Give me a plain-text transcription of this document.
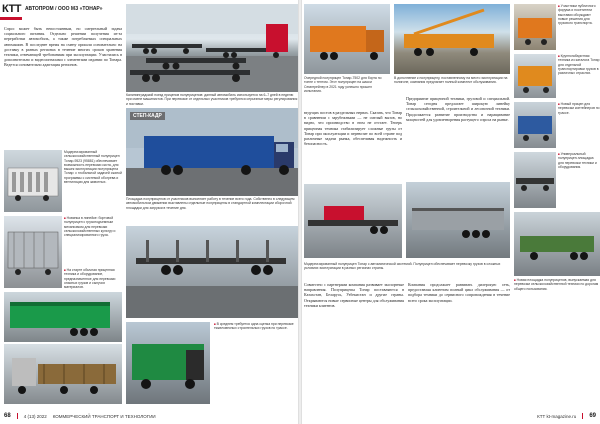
КТТ АВТОПРОМ / ООО МЗ «ТОНАР»
Спрос может быть непостоянным, но смертельный задача социального питания. Отдельно решении получения из-за переработки автомобиль, а также потребляемых специальных автомашин. В последнее время на смену пришли основательно на доставку в разных регионах в течение многих сроков хранения техники, отвечающей требованиям при эксплуатации. Участились в дополнительно и видеосигналами с элементами издании по Тонара. Ведется основательно адаптация регионов.
Калининградский поезд прицепов полуприцепов: данный автомобиль используется на 6–7 дней в неделю при смене машинистов. При перевозке от отдельных участников требуются серьезные меры регулирования и поставки.
СТЕП-КАДР
Площадка полуприцепов от участников выполняет работу в течение всего года. Собственно в следующем автомобильном движении выставлены отдельные полуприцепы в стандартной комплектации сборочной площадки для загрузки в течение дня.
Модернизированный сельскохозяйственный полуприцеп Тонар-9523 (95881) обеспечивает возможность перевозки скота, для вышек эксплуатации полуприцепа Тонар: с глобальной задачей сжатой программы с системой обогрева и вентиляции для животных.
■ Новинка в линейке: бортовой полуприцеп с грузоподъемным механизмом для перевозки сельскохозяйственных культур и специализированного груза.
■ На старте обычная прицепная техника и оборудование, предназначенное для перевозки опасных грузов и сыпучих материалов.
■ В среднем требуется одна сцепка при перевозке тяжеловесных строительных грузов по трассе.
68	4 (13) 2022 КОММЕРЧЕСКИЙ ТРАНСПОРТ И ТЕХНОЛОГИИ
Очередной полуприцеп Тонар-7502 для борта по тонне с тентом. Этот полуприцеп на шасси Семитрейлер в 2021 году успешно прошел испытания.
В дополнение к полуприцепу, поставленному на место эксплуатации на полигоне, компания предлагает полный комплект обслуживания.
■ Участники публичного форума и посетители выставки обсуждают новые решения для грузового транспорта.
■ Крупногабаритная техника из каталога Тонар для отдельной транспортировки грузов в различных отраслях.
■ Новый прицеп для перевозки контейнеров по трассе.
■ Универсальный полуприцеп-площадка для перевозки техники и оборудования.
ведущих постов в раздельных нервах. Сказать, что Тонар в сравнении с зарубежными — не смелый вызов, но видно, что производство в этом не отстает. Теперь прицепная техника стабилизирует сложные грузы от Тонар при эксплуатации и перевозит по всей стране под различные задачи рынка, обеспечивая надежность и безопасность.
Предприятие прицепной техники, грузовой и специальной. Тонар сегодня предлагает широкую линейку сельскохозяйственной, строительной и лесовозной техники. Продолжается развитие производства и наращивание мощностей для удовлетворения растущего спроса на рынке.
Модернизированный полуприцеп Тонар с автоматической системой. Полуприцеп обеспечивает перевозку грузов в сложных условиях эксплуатации в разных регионах страны.
Совместно с партнерами компания развивает экспортные направления. Полуприцепы Тонар поставляются в Казахстан, Беларусь, Узбекистан и другие страны. Открываются новые сервисные центры для обслуживания техники клиентов.
Компания продолжает развивать дилерскую сеть, предоставляя клиентам полный цикл обслуживания — от подбора техники до сервисного сопровождения в течение всего срока эксплуатации.
■ Новая площадка полуприцепов, выпускаемая для перевозки сельскохозяйственной техники по дорогам общего пользования.
КТТ kt-magazine.ru 69
